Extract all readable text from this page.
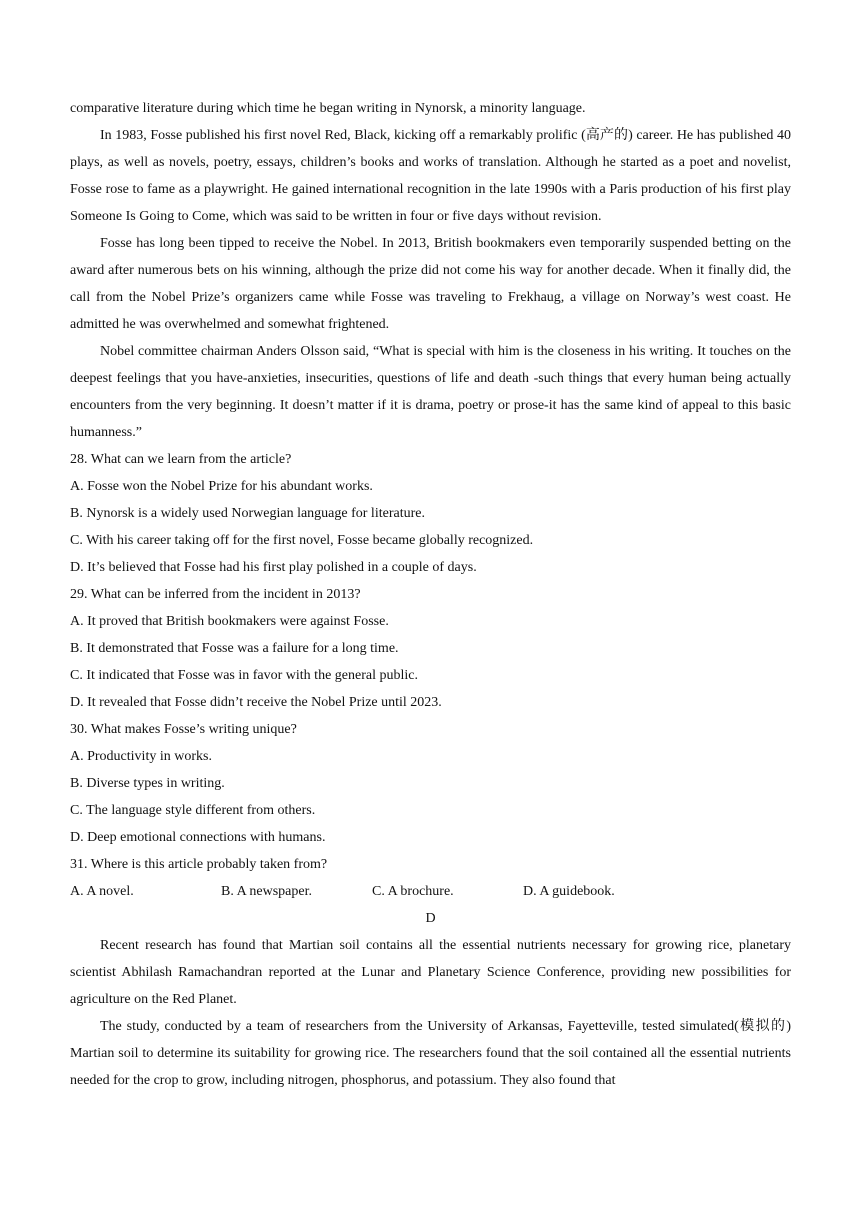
comparative literature during which time he began writing in Nynorsk, a minority language.

In 1983, Fosse published his first novel Red, Black, kicking off a remarkably prolific (高产的) career. He has published 40 plays, as well as novels, poetry, essays, children’s books and works of translation. Although he started as a poet and novelist, Fosse rose to fame as a playwright. He gained international recognition in the late 1990s with a Paris production of his first play Someone Is Going to Come, which was said to be written in four or five days without revision.

Fosse has long been tipped to receive the Nobel. In 2013, British bookmakers even temporarily suspended betting on the award after numerous bets on his winning, although the prize did not come his way for another decade. When it finally did, the call from the Nobel Prize’s organizers came while Fosse was traveling to Frekhaug, a village on Norway’s west coast. He admitted he was overwhelmed and somewhat frightened.

Nobel committee chairman Anders Olsson said, “What is special with him is the closeness in his writing. It touches on the deepest feelings that you have-anxieties, insecurities, questions of life and death -such things that every human being actually encounters from the very beginning. It doesn’t matter if it is drama, poetry or prose-it has the same kind of appeal to this basic humanness.”

28. What can we learn from the article?
A. Fosse won the Nobel Prize for his abundant works.
B. Nynorsk is a widely used Norwegian language for literature.
C. With his career taking off for the first novel, Fosse became globally recognized.
D. It’s believed that Fosse had his first play polished in a couple of days.
29. What can be inferred from the incident in 2013?
A. It proved that British bookmakers were against Fosse.
B. It demonstrated that Fosse was a failure for a long time.
C. It indicated that Fosse was in favor with the general public.
D. It revealed that Fosse didn’t receive the Nobel Prize until 2023.
30. What makes Fosse’s writing unique?
A. Productivity in works.
B. Diverse types in writing.
C. The language style different from others.
D. Deep emotional connections with humans.
31. Where is this article probably taken from?
A. A novel.	B. A newspaper.	C. A brochure.	D. A guidebook.
D

Recent research has found that Martian soil contains all the essential nutrients necessary for growing rice, planetary scientist Abhilash Ramachandran reported at the Lunar and Planetary Science Conference, providing new possibilities for agriculture on the Red Planet.

The study, conducted by a team of researchers from the University of Arkansas, Fayetteville, tested simulated(模拟的) Martian soil to determine its suitability for growing rice. The researchers found that the soil contained all the essential nutrients needed for the crop to grow, including nitrogen, phosphorus, and potassium. They also found that
